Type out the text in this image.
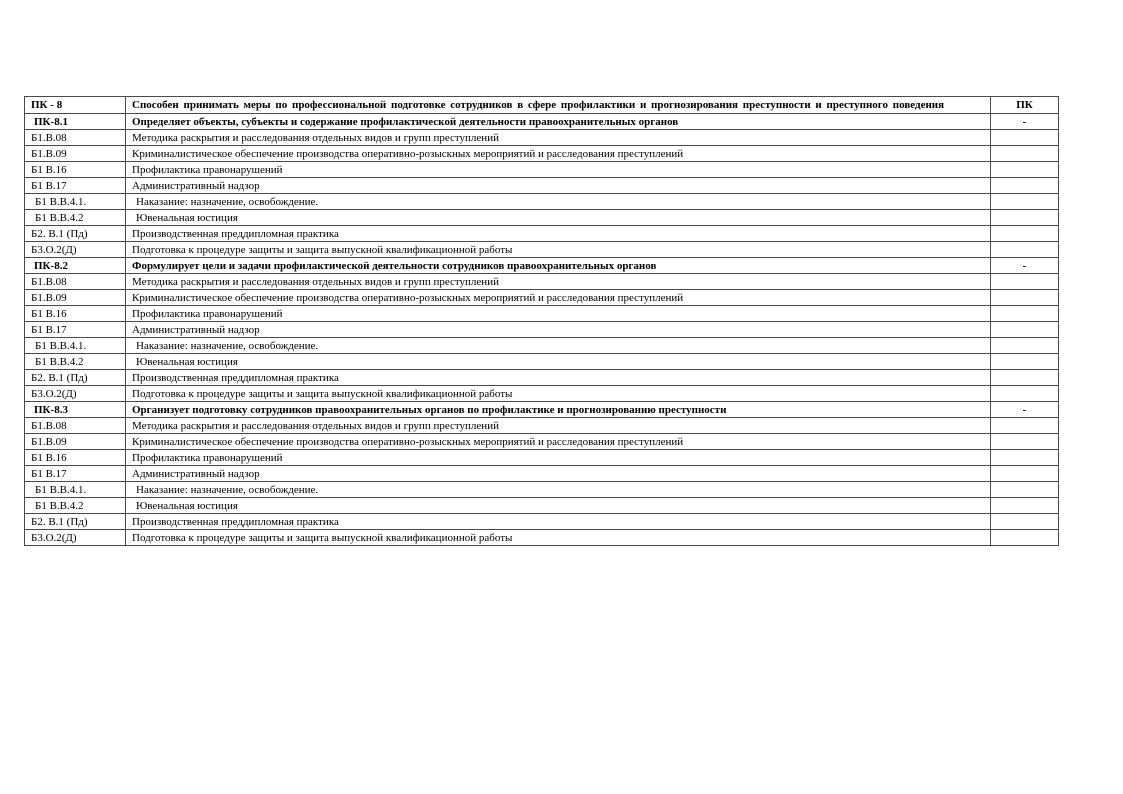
ПК - 8	Способен принимать меры по профессиональной подготовке сотрудников в сфере профилактики и прогнозирования преступности и преступного поведения	ПК
ПК-8.1	Определяет объекты, субъекты и содержание профилактической деятельности правоохранительных органов	-
Б1.В.08	Методика раскрытия и расследования отдельных видов и групп преступлений	
Б1.В.09	Криминалистическое обеспечение производства оперативно-розыскных мероприятий и расследования преступлений	
Б1 В.16	Профилактика правонарушений	
Б1 В.17	Административный надзор	
Б1 В.В.4.1.	Наказание: назначение, освобождение.	
Б1 В.В.4.2	Ювенальная юстиция	
Б2. В.1 (Пд)	Производственная преддипломная практика	
Б3.О.2(Д)	Подготовка к процедуре защиты и защита выпускной квалификационной работы	
ПК-8.2	Формулирует цели и задачи профилактической деятельности сотрудников правоохранительных органов	-
Б1.В.08	Методика раскрытия и расследования отдельных видов и групп преступлений	
Б1.В.09	Криминалистическое обеспечение производства оперативно-розыскных мероприятий и расследования преступлений	
Б1 В.16	Профилактика правонарушений	
Б1 В.17	Административный надзор	
Б1 В.В.4.1.	Наказание: назначение, освобождение.	
Б1 В.В.4.2	Ювенальная юстиция	
Б2. В.1 (Пд)	Производственная преддипломная практика	
Б3.О.2(Д)	Подготовка к процедуре защиты и защита выпускной квалификационной работы	
ПК-8.3	Организует подготовку сотрудников правоохранительных органов по профилактике и прогнозированию преступности	-
Б1.В.08	Методика раскрытия и расследования отдельных видов и групп преступлений	
Б1.В.09	Криминалистическое обеспечение производства оперативно-розыскных мероприятий и расследования преступлений	
Б1 В.16	Профилактика правонарушений	
Б1 В.17	Административный надзор	
Б1 В.В.4.1.	Наказание: назначение, освобождение.	
Б1 В.В.4.2	Ювенальная юстиция	
Б2. В.1 (Пд)	Производственная преддипломная практика	
Б3.О.2(Д)	Подготовка к процедуре защиты и защита выпускной квалификационной работы	
